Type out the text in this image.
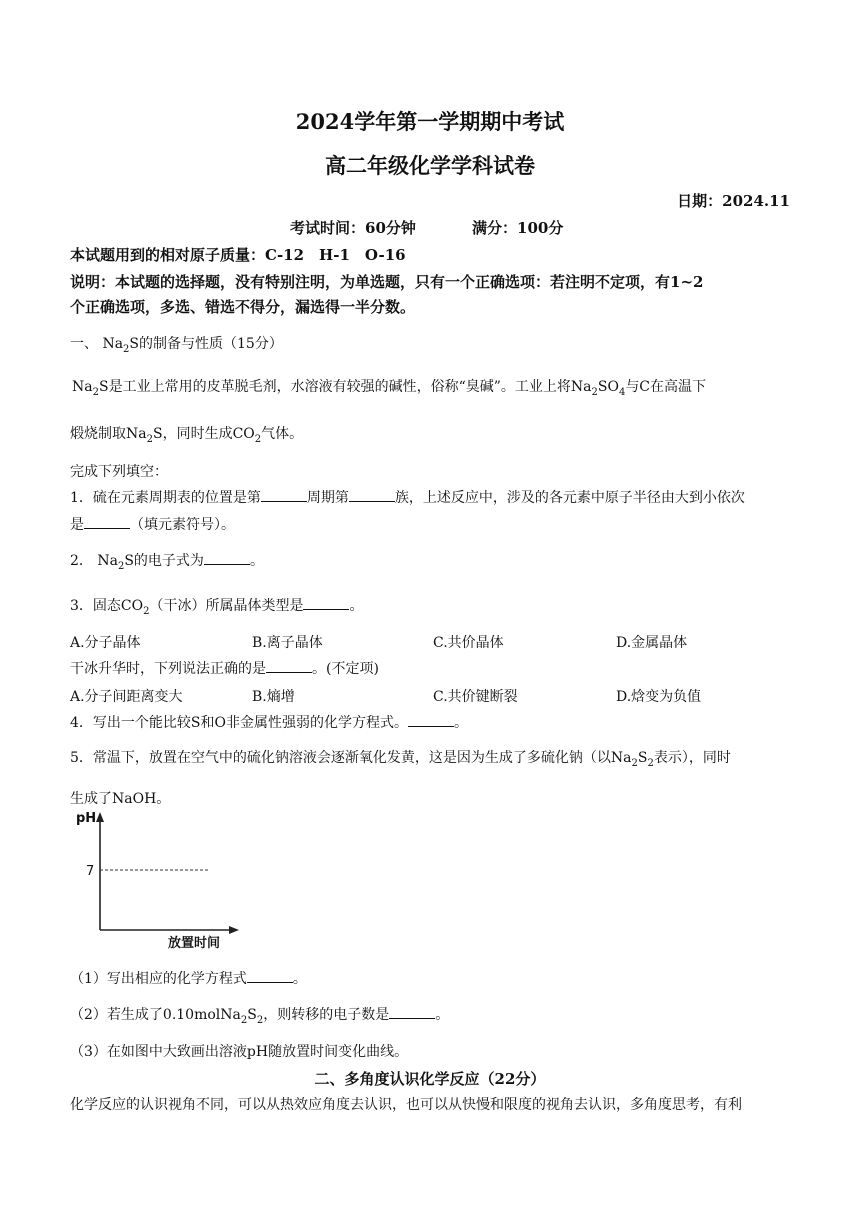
2024学年第一学期期中考试
高二年级化学学科试卷
日期：2024.11
考试时间：60分钟	满分：100分
本试题用到的相对原子质量：C-12　H-1　O-16
说明：本试题的选择题，没有特别注明，为单选题，只有一个正确选项：若注明不定项，有1~2
个正确选项，多选、错选不得分，漏选得一半分数。
一、 $Na_2S$的制备与性质（15分）
$Na_2S$是工业上常用的皮革脱毛剂，水溶液有较强的碱性，俗称“臭碱”。工业上将$Na_2SO_4$与C在高温下
煅烧制取$Na_2S$，同时生成$CO_2$气体。
完成下列填空：
1．硫在元素周期表的位置是第	周期第	族，上述反应中，涉及的各元素中原子半径由大到小依次
是	（填元素符号）。
2． $Na_2S$的电子式为	。
3．固态$CO_2$（干冰）所属晶体类型是	。
A.分子晶体	B.离子晶体	C.共价晶体	D.金属晶体
干冰升华时，下列说法正确的是	。(不定项)
A.分子间距离变大	B.熵增	C.共价键断裂	D.焓变为负值
4．写出一个能比较S和O非金属性强弱的化学方程式。	。
5．常温下，放置在空气中的硫化钠溶液会逐渐氧化发黄，这是因为生成了多硫化钠（以$Na_2S_2$表示），同时
生成了NaOH。
pH
7
放置时间
（1）写出相应的化学方程式	。
（2）若生成了$0.10molNa_2S_2$，则转移的电子数是	。
（3）在如图中大致画出溶液pH随放置时间变化曲线。
二、多角度认识化学反应（22分）
化学反应的认识视角不同，可以从热效应角度去认识，也可以从快慢和限度的视角去认识，多角度思考，有利
